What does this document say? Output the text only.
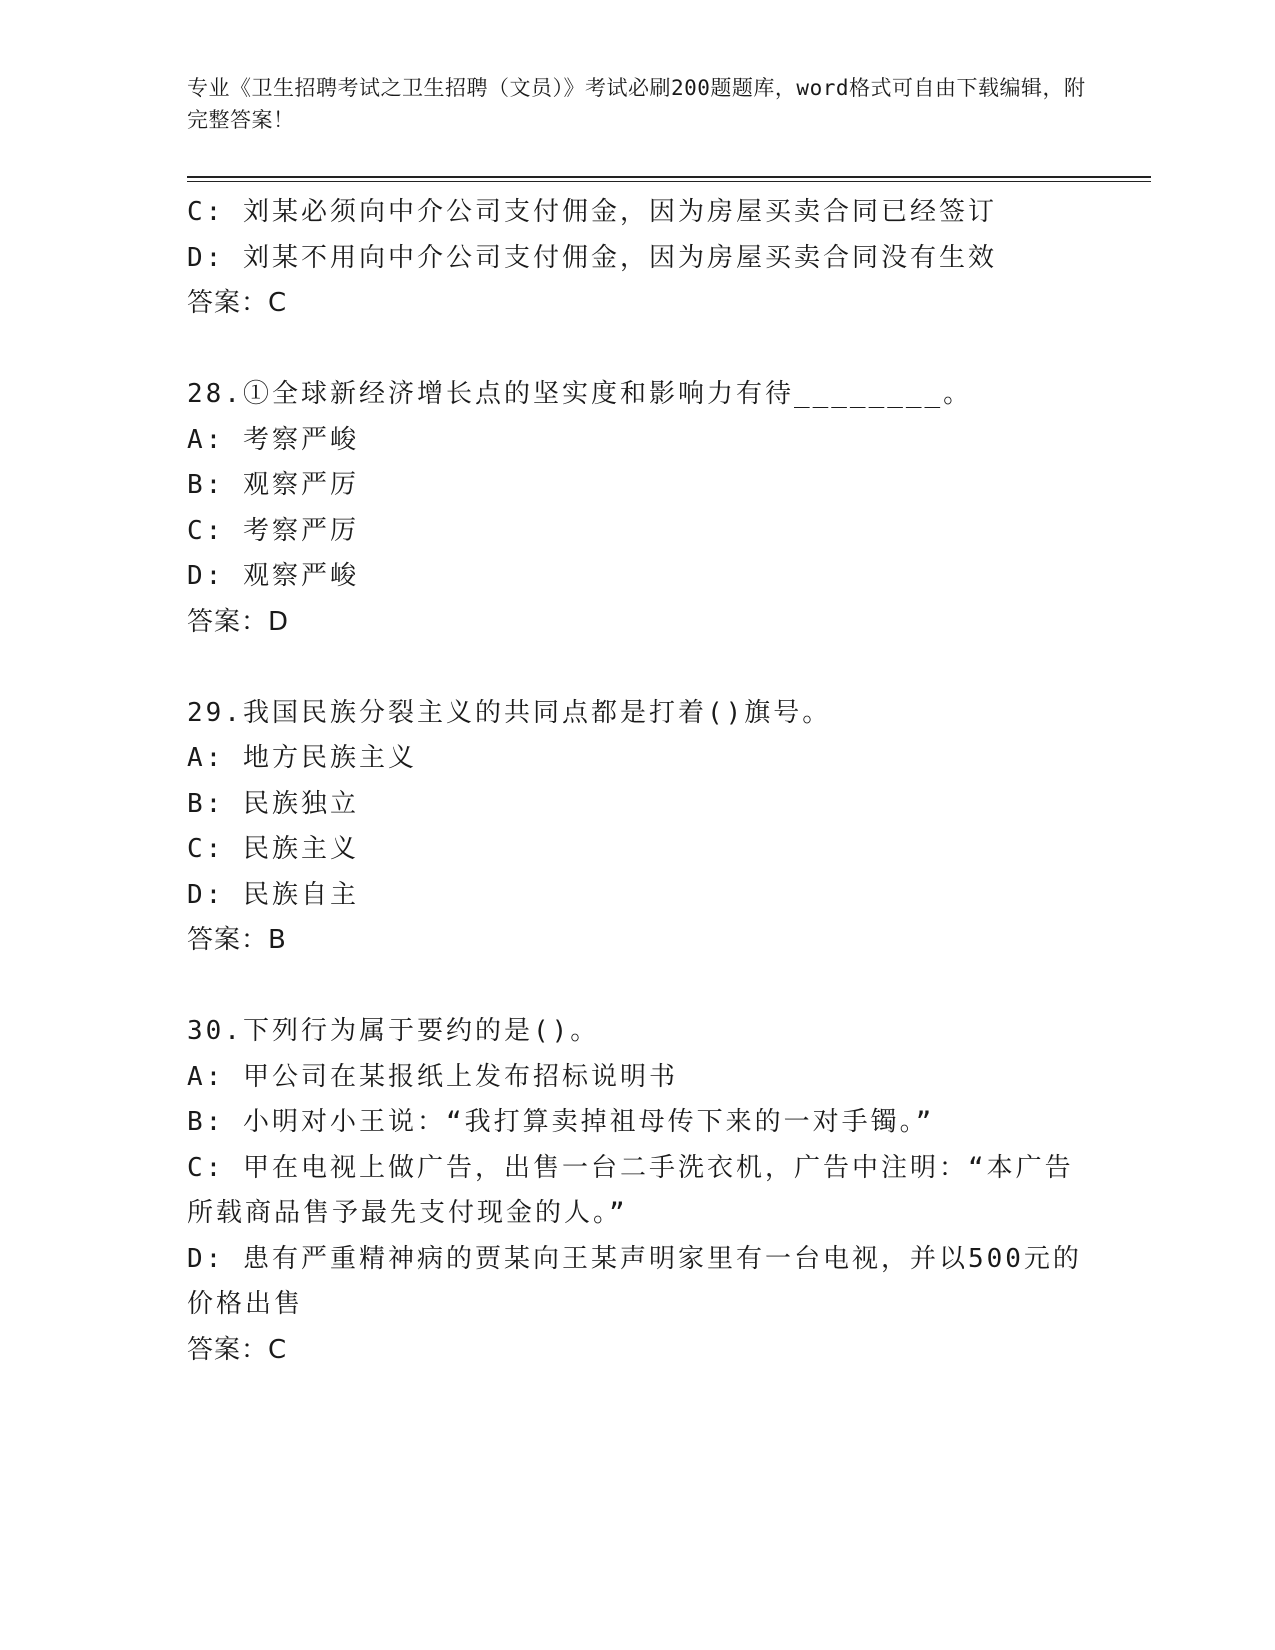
专业《卫生招聘考试之卫生招聘（文员）》考试必刷200题题库，word格式可自由下载编辑，附完整答案！
C: 刘某必须向中介公司支付佣金，因为房屋买卖合同已经签订
D: 刘某不用向中介公司支付佣金，因为房屋买卖合同没有生效
答案：C
28.①全球新经济增长点的坚实度和影响力有待________。
A: 考察严峻
B: 观察严厉
C: 考察严厉
D: 观察严峻
答案：D
29.我国民族分裂主义的共同点都是打着()旗号。
A: 地方民族主义
B: 民族独立
C: 民族主义
D: 民族自主
答案：B
30.下列行为属于要约的是()。
A: 甲公司在某报纸上发布招标说明书
B: 小明对小王说：“我打算卖掉祖母传下来的一对手镯。”
C: 甲在电视上做广告，出售一台二手洗衣机，广告中注明：“本广告所载商品售予最先支付现金的人。”
D: 患有严重精神病的贾某向王某声明家里有一台电视，并以500元的价格出售
答案：C
